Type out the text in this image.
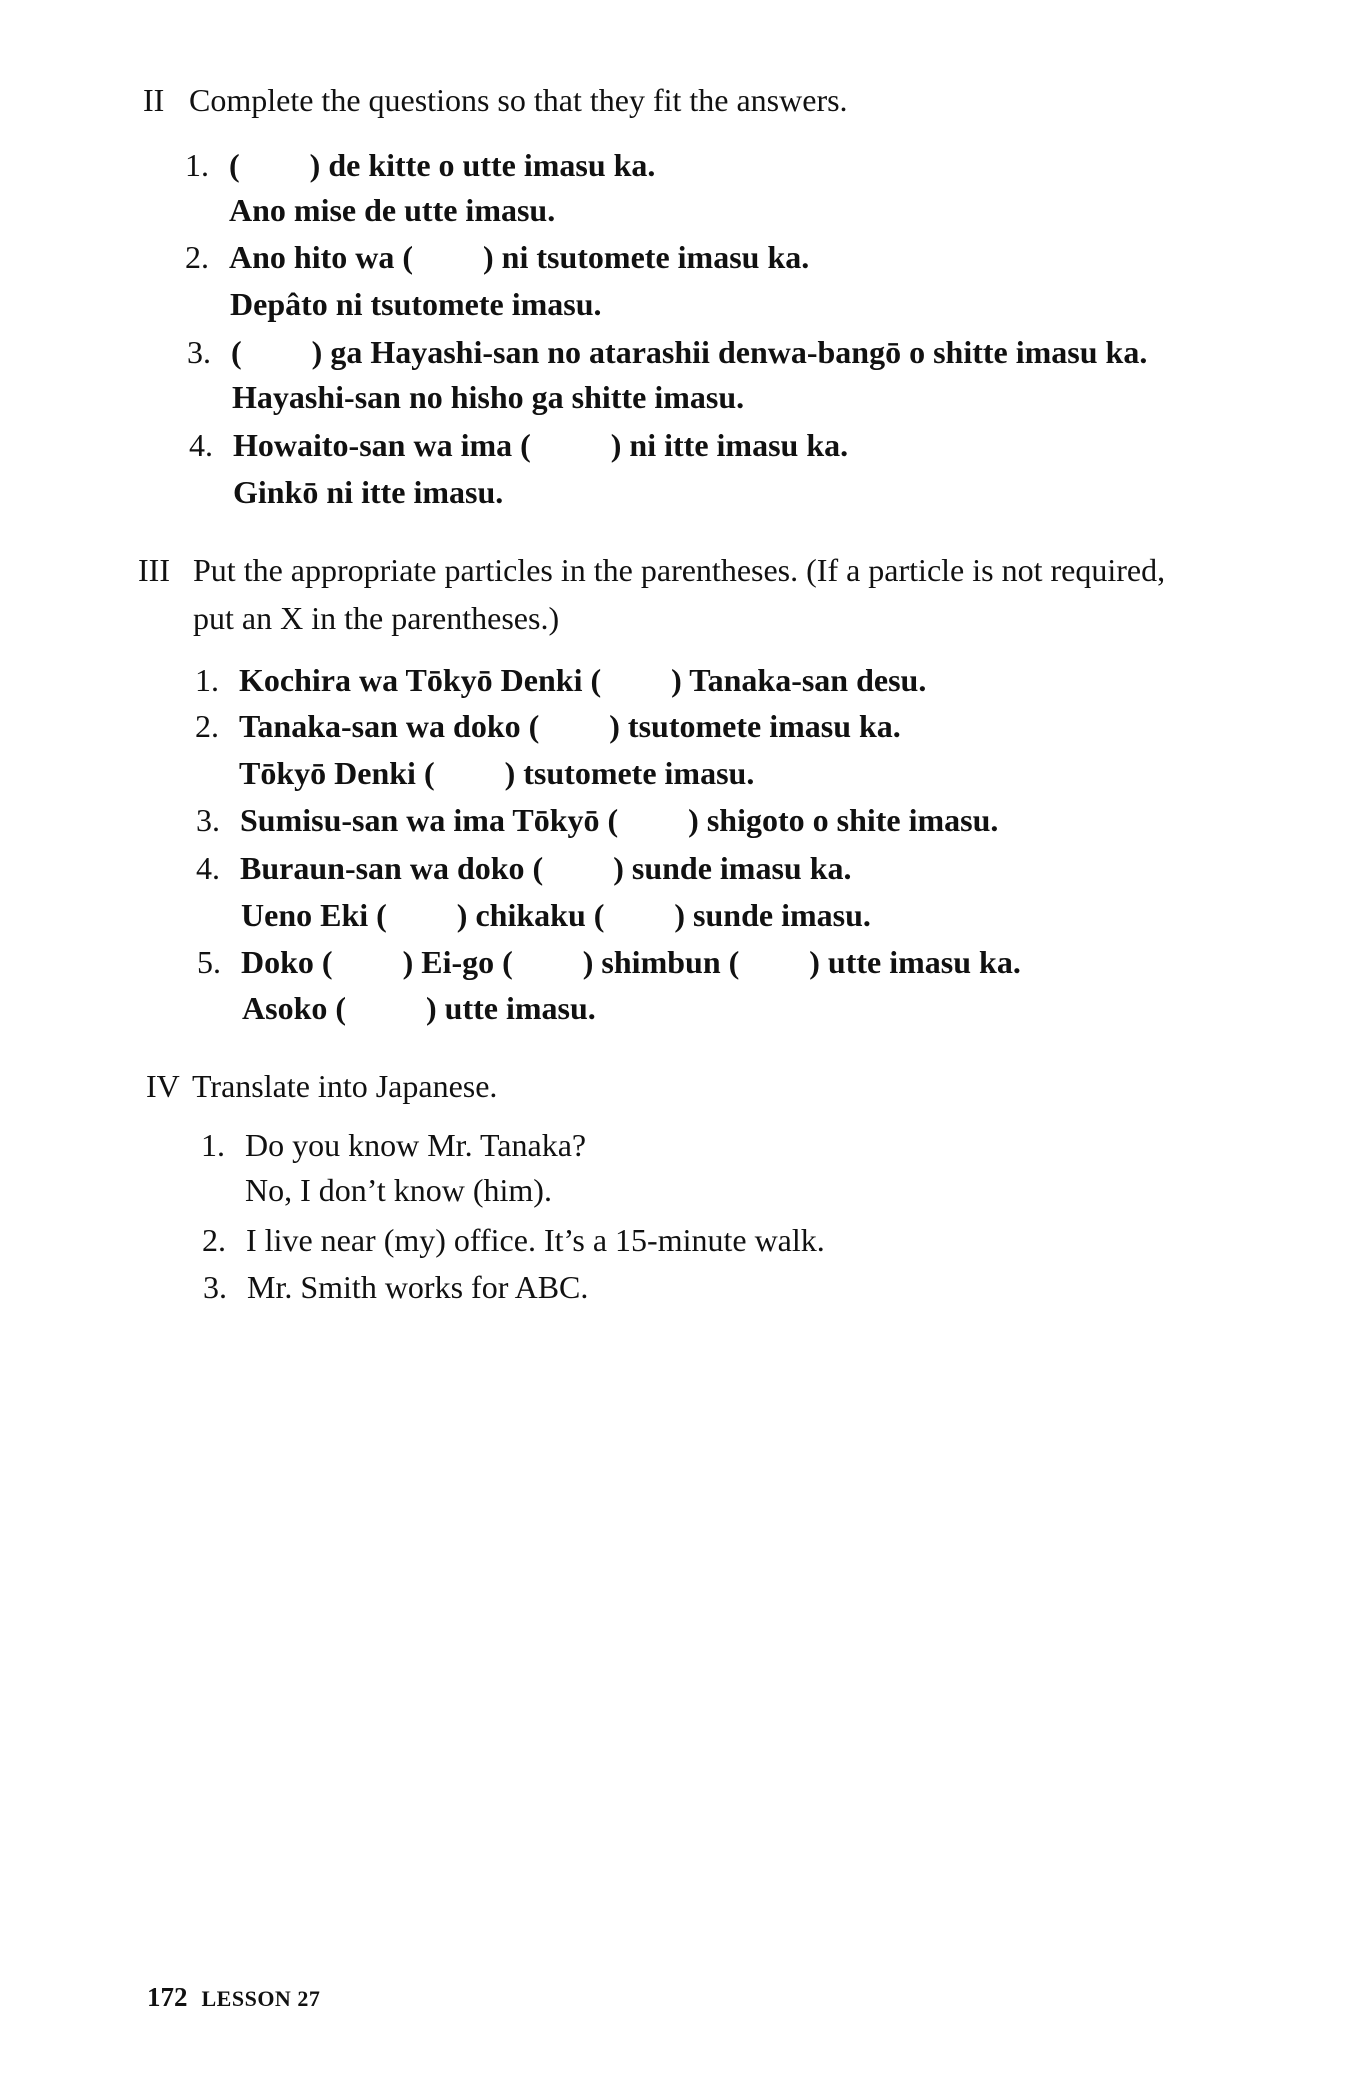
II Complete the questions so that they fit the answers.
1. ( ) de kitte o utte imasu ka.
Ano mise de utte imasu.
2. Ano hito wa ( ) ni tsutomete imasu ka.
Depâto ni tsutomete imasu.
3. ( ) ga Hayashi-san no atarashii denwa-bangō o shitte imasu ka.
Hayashi-san no hisho ga shitte imasu.
4. Howaito-san wa ima (	) ni itte imasu ka.
Ginkō ni itte imasu.
III Put the appropriate particles in the parentheses. (If a particle is not required,
put an X in the parentheses.)
1. Kochira wa Tōkyō Denki ( ) Tanaka-san desu.
2. Tanaka-san wa doko ( ) tsutomete imasu ka.
Tōkyō Denki ( ) tsutomete imasu.
3. Sumisu-san wa ima Tōkyō ( ) shigoto o shite imasu.
4. Buraun-san wa doko ( ) sunde imasu ka.
Ueno Eki ( ) chikaku ( ) sunde imasu.
5. Doko ( ) Ei-go ( ) shimbun ( ) utte imasu ka.
Asoko (	) utte imasu.
IV Translate into Japanese.
1. Do you know Mr. Tanaka?
No, I don’t know (him).
2. I live near (my) office. It’s a 15-minute walk.
3. Mr. Smith works for ABC.
172 LESSON 27
